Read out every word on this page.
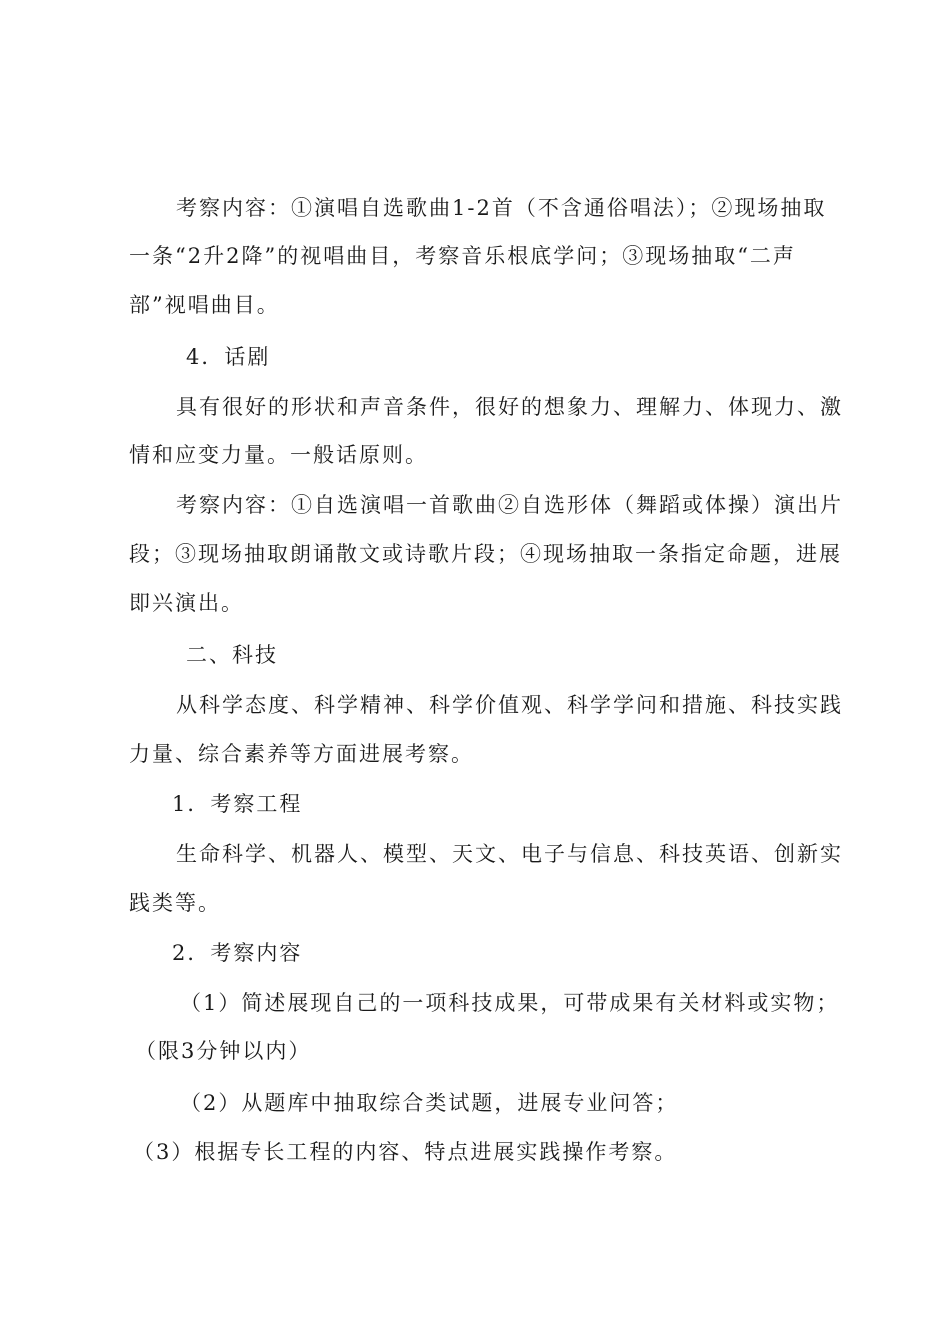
考察内容：①演唱自选歌曲1-2首（不含通俗唱法）；②现场抽取
一条“2升2降”的视唱曲目，考察音乐根底学问；③现场抽取“二声
部”视唱曲目。
4．话剧
具有很好的形状和声音条件，很好的想象力、理解力、体现力、激
情和应变力量。一般话原则。
考察内容：①自选演唱一首歌曲②自选形体（舞蹈或体操）演出片
段；③现场抽取朗诵散文或诗歌片段；④现场抽取一条指定命题，进展
即兴演出。
二、科技
从科学态度、科学精神、科学价值观、科学学问和措施、科技实践
力量、综合素养等方面进展考察。
1．考察工程
生命科学、机器人、模型、天文、电子与信息、科技英语、创新实
践类等。
2．考察内容
（1）简述展现自己的一项科技成果，可带成果有关材料或实物；
（限3分钟以内）
（2）从题库中抽取综合类试题，进展专业问答；
（3）根据专长工程的内容、特点进展实践操作考察。
